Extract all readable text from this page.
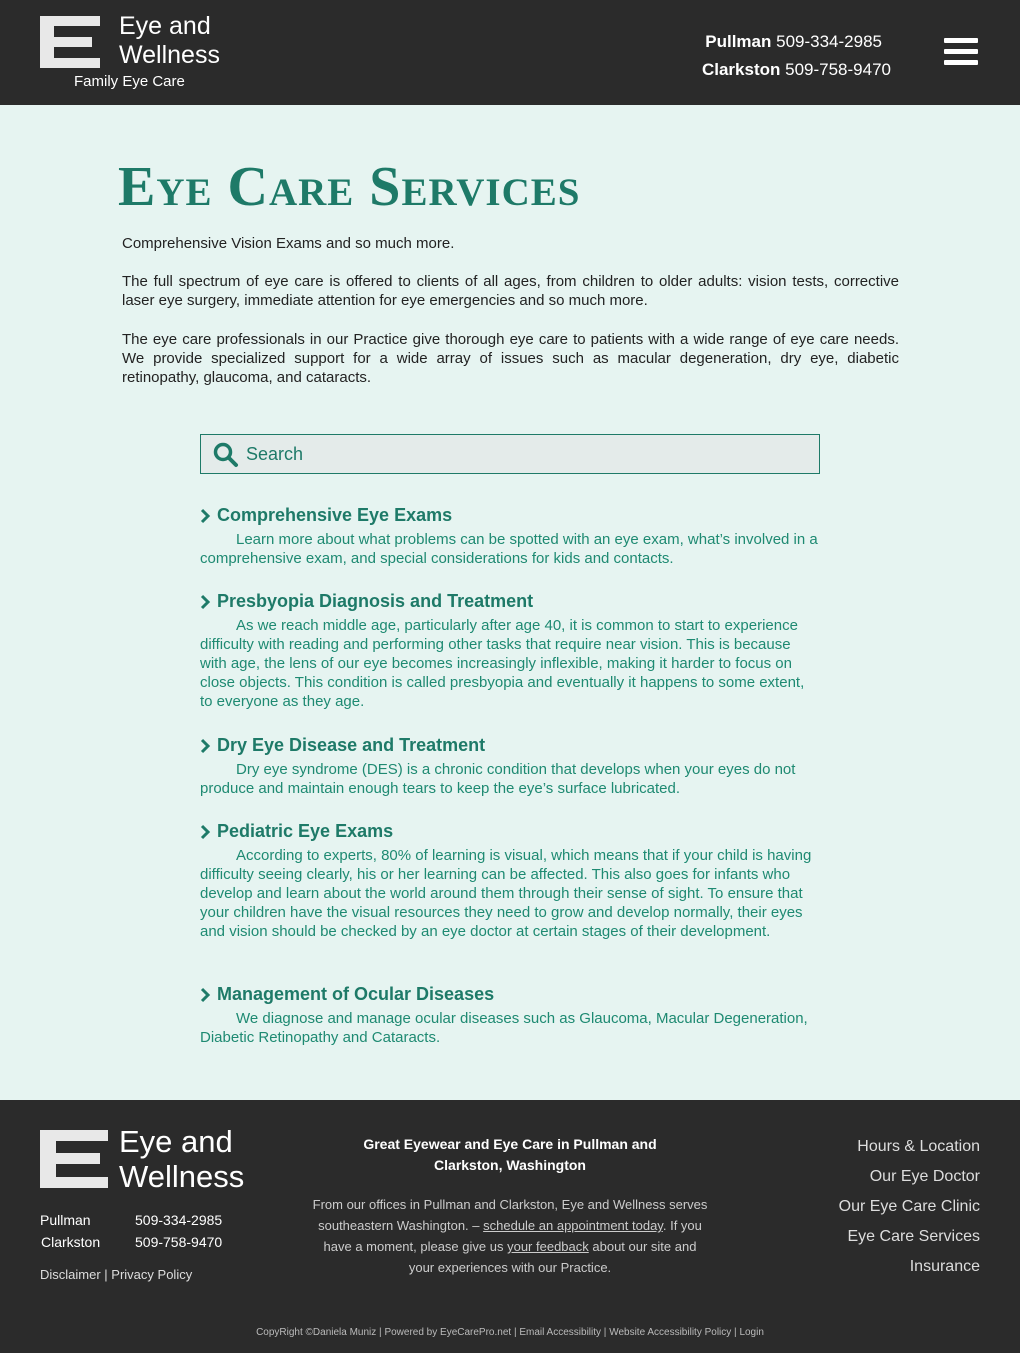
Eye and
Wellness
Family Eye Care
Pullman 509-334-2985
Clarkston 509-758-9470
Eye Care Services

Comprehensive Vision Exams and so much more.

The full spectrum of eye care is offered to clients of all ages, from children to older adults: vision tests, corrective laser eye surgery, immediate attention for eye emergencies and so much more.

The eye care professionals in our Practice give thorough eye care to patients with a wide range of eye care needs. We provide specialized support for a wide array of issues such as macular degeneration, dry eye, diabetic retinopathy, glaucoma, and cataracts.

Search
Comprehensive Eye Exams

Learn more about what problems can be spotted with an eye exam, what’s involved in a comprehensive exam, and special considerations for kids and contacts.

Presbyopia Diagnosis and Treatment

As we reach middle age, particularly after age 40, it is common to start to experience difficulty with reading and performing other tasks that require near vision. This is because with age, the lens of our eye becomes increasingly inflexible, making it harder to focus on close objects. This condition is called presbyopia and eventually it happens to some extent, to everyone as they age.

Dry Eye Disease and Treatment

Dry eye syndrome (DES) is a chronic condition that develops when your eyes do not produce and maintain enough tears to keep the eye’s surface lubricated.

Pediatric Eye Exams

According to experts, 80% of learning is visual, which means that if your child is having difficulty seeing clearly, his or her learning can be affected. This also goes for infants who develop and learn about the world around them through their sense of sight. To ensure that your children have the visual resources they need to grow and develop normally, their eyes and vision should be checked by an eye doctor at certain stages of their development.

Management of Ocular Diseases

We diagnose and manage ocular diseases such as Glaucoma, Macular Degeneration, Diabetic Retinopathy and Cataracts.

Eye and
Wellness
Pullman	509-334-2985
Clarkston 509-758-9470
Disclaimer | Privacy Policy
Great Eyewear and Eye Care in Pullman and Clarkston, Washington
From our offices in Pullman and Clarkston, Eye and Wellness serves southeastern Washington. – schedule an appointment today. If you have a moment, please give us your feedback about our site and your experiences with our Practice.
Hours & Location
Our Eye Doctor
Our Eye Care Clinic
Eye Care Services
Insurance
CopyRight ©Daniela Muniz | Powered by EyeCarePro.net | Email Accessibility | Website Accessibility Policy | Login
